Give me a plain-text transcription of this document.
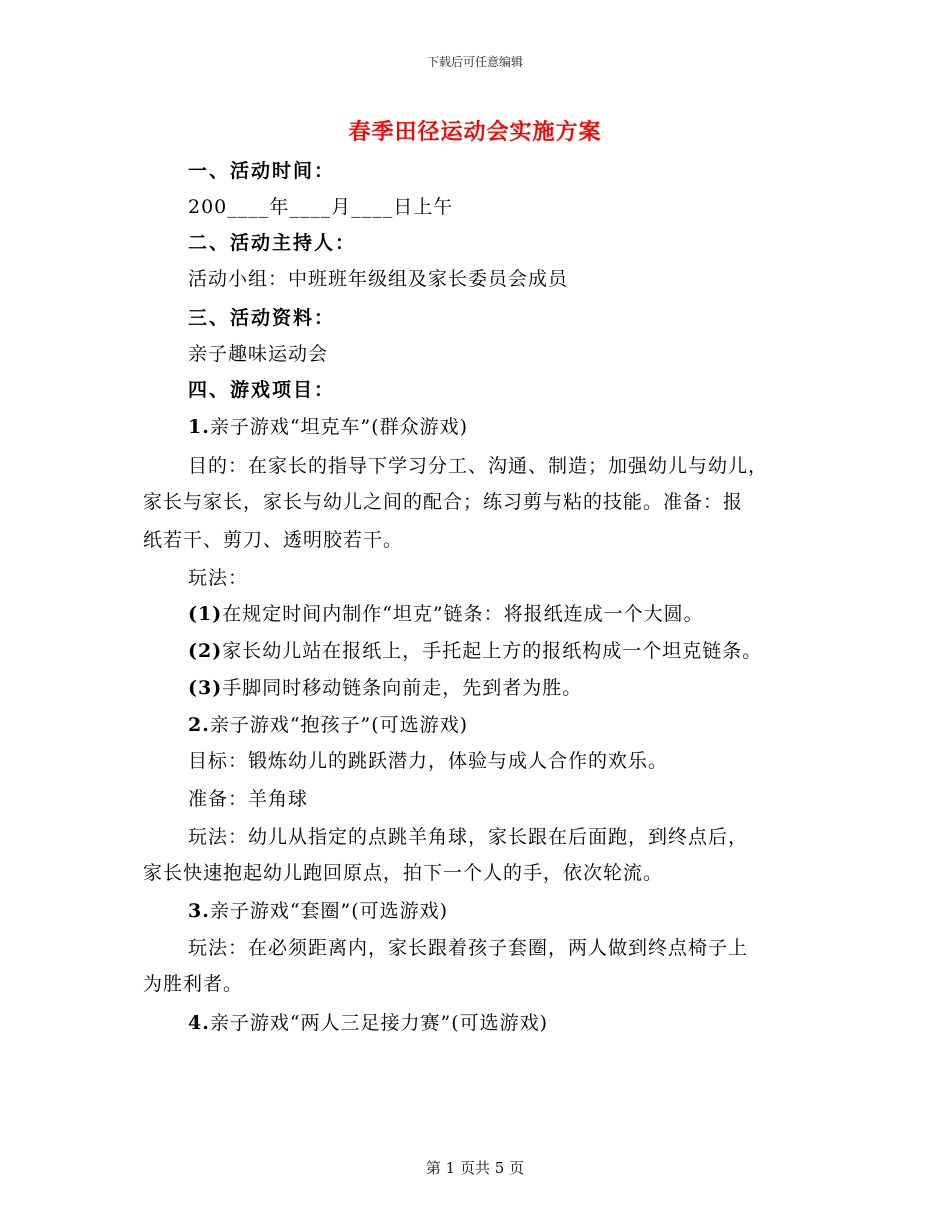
下载后可任意编辑
春季田径运动会实施方案
一、活动时间：
200____年____月____日上午
二、活动主持人：
活动小组：中班班年级组及家长委员会成员
三、活动资料：
亲子趣味运动会
四、游戏项目：
1.亲子游戏“坦克车”(群众游戏)
目的：在家长的指导下学习分工、沟通、制造；加强幼儿与幼儿，
家长与家长，家长与幼儿之间的配合；练习剪与粘的技能。准备：报
纸若干、剪刀、透明胶若干。
玩法：
(1)在规定时间内制作“坦克”链条：将报纸连成一个大圆。
(2)家长幼儿站在报纸上，手托起上方的报纸构成一个坦克链条。
(3)手脚同时移动链条向前走，先到者为胜。
2.亲子游戏“抱孩子”(可选游戏)
目标：锻炼幼儿的跳跃潜力，体验与成人合作的欢乐。
准备：羊角球
玩法：幼儿从指定的点跳羊角球，家长跟在后面跑，到终点后，
家长快速抱起幼儿跑回原点，拍下一个人的手，依次轮流。
3.亲子游戏“套圈”(可选游戏)
玩法：在必须距离内，家长跟着孩子套圈，两人做到终点椅子上
为胜利者。
4.亲子游戏“两人三足接力赛”(可选游戏)
第 1 页共 5 页
